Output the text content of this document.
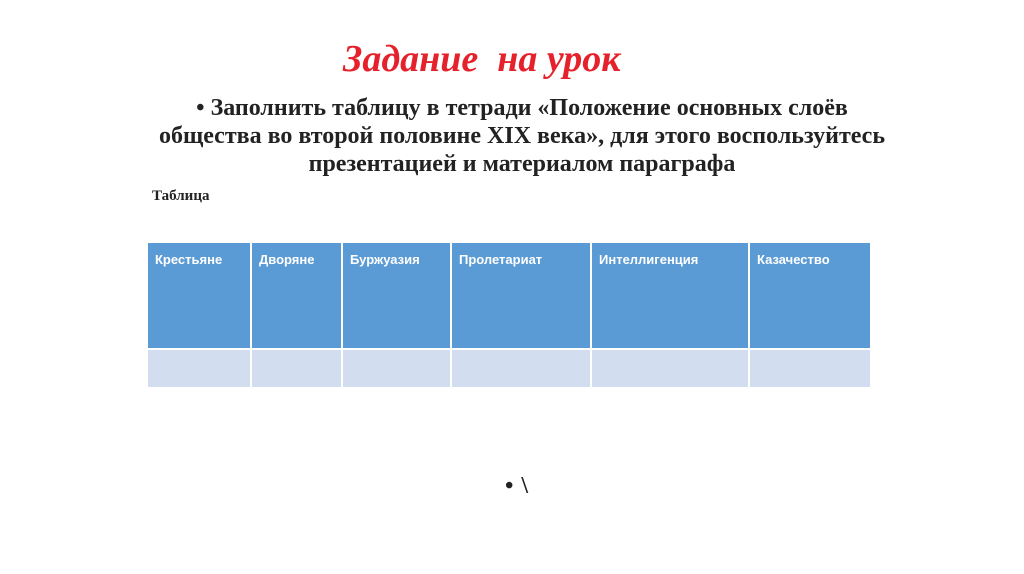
Задание  на урок
• Заполнить таблицу в тетради «Положение основных слоёв общества во второй половине XIX века», для этого воспользуйтесь презентацией и материалом параграфа
Таблица
Крестьяне	Дворяне	Буржуазия	Пролетариат	Интеллигенция	Казачество

• \
